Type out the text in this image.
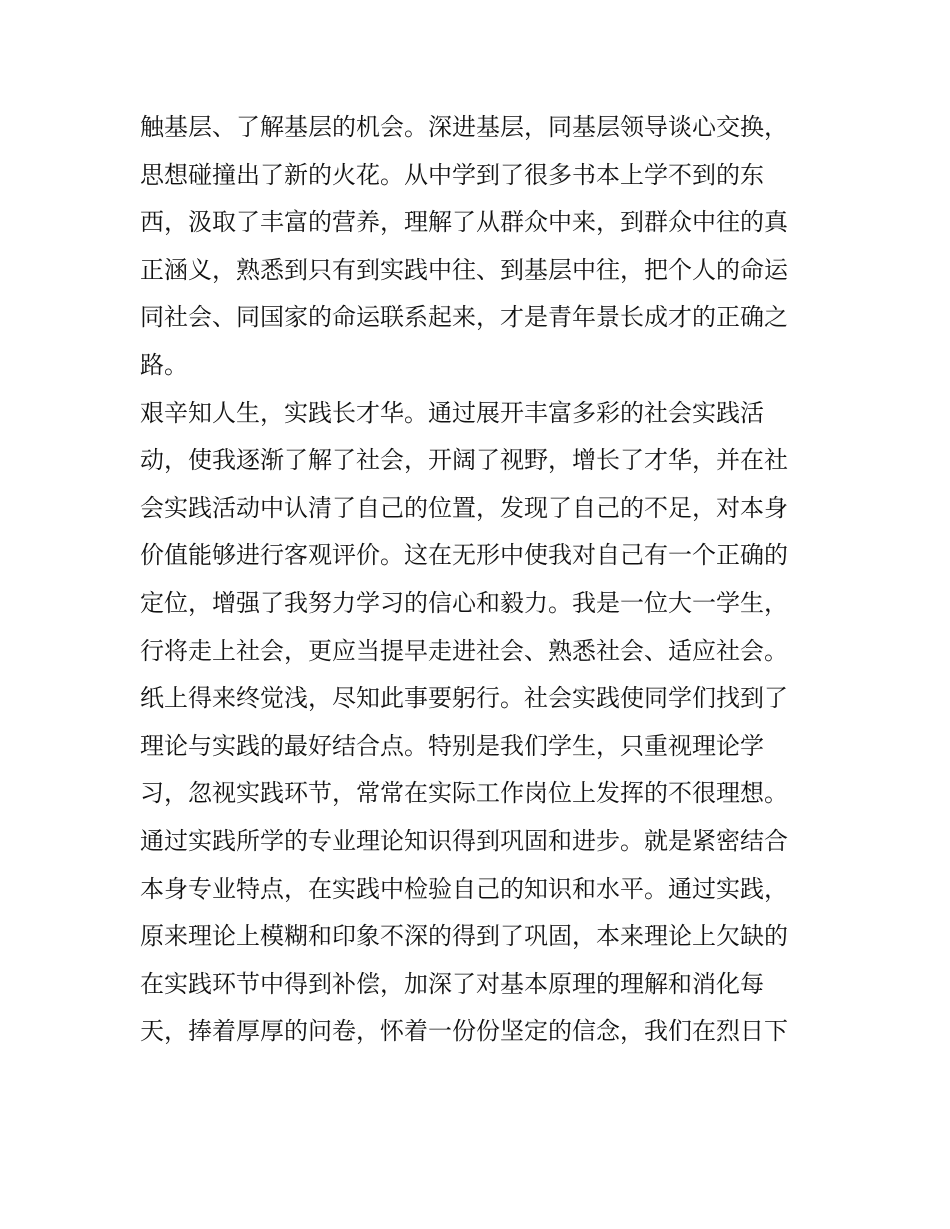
触基层、了解基层的机会。深进基层，同基层领导谈心交换，
思想碰撞出了新的火花。从中学到了很多书本上学不到的东
西，汲取了丰富的营养，理解了从群众中来，到群众中往的真
正涵义，熟悉到只有到实践中往、到基层中往，把个人的命运
同社会、同国家的命运联系起来，才是青年景长成才的正确之
路。
艰辛知人生，实践长才华。通过展开丰富多彩的社会实践活
动，使我逐渐了解了社会，开阔了视野，增长了才华，并在社
会实践活动中认清了自己的位置，发现了自己的不足，对本身
价值能够进行客观评价。这在无形中使我对自己有一个正确的
定位，增强了我努力学习的信心和毅力。我是一位大一学生，
行将走上社会，更应当提早走进社会、熟悉社会、适应社会。
纸上得来终觉浅，尽知此事要躬行。社会实践使同学们找到了
理论与实践的最好结合点。特别是我们学生，只重视理论学
习，忽视实践环节，常常在实际工作岗位上发挥的不很理想。
通过实践所学的专业理论知识得到巩固和进步。就是紧密结合
本身专业特点，在实践中检验自己的知识和水平。通过实践，
原来理论上模糊和印象不深的得到了巩固，本来理论上欠缺的
在实践环节中得到补偿，加深了对基本原理的理解和消化每
天，捧着厚厚的问卷，怀着一份份坚定的信念，我们在烈日下
